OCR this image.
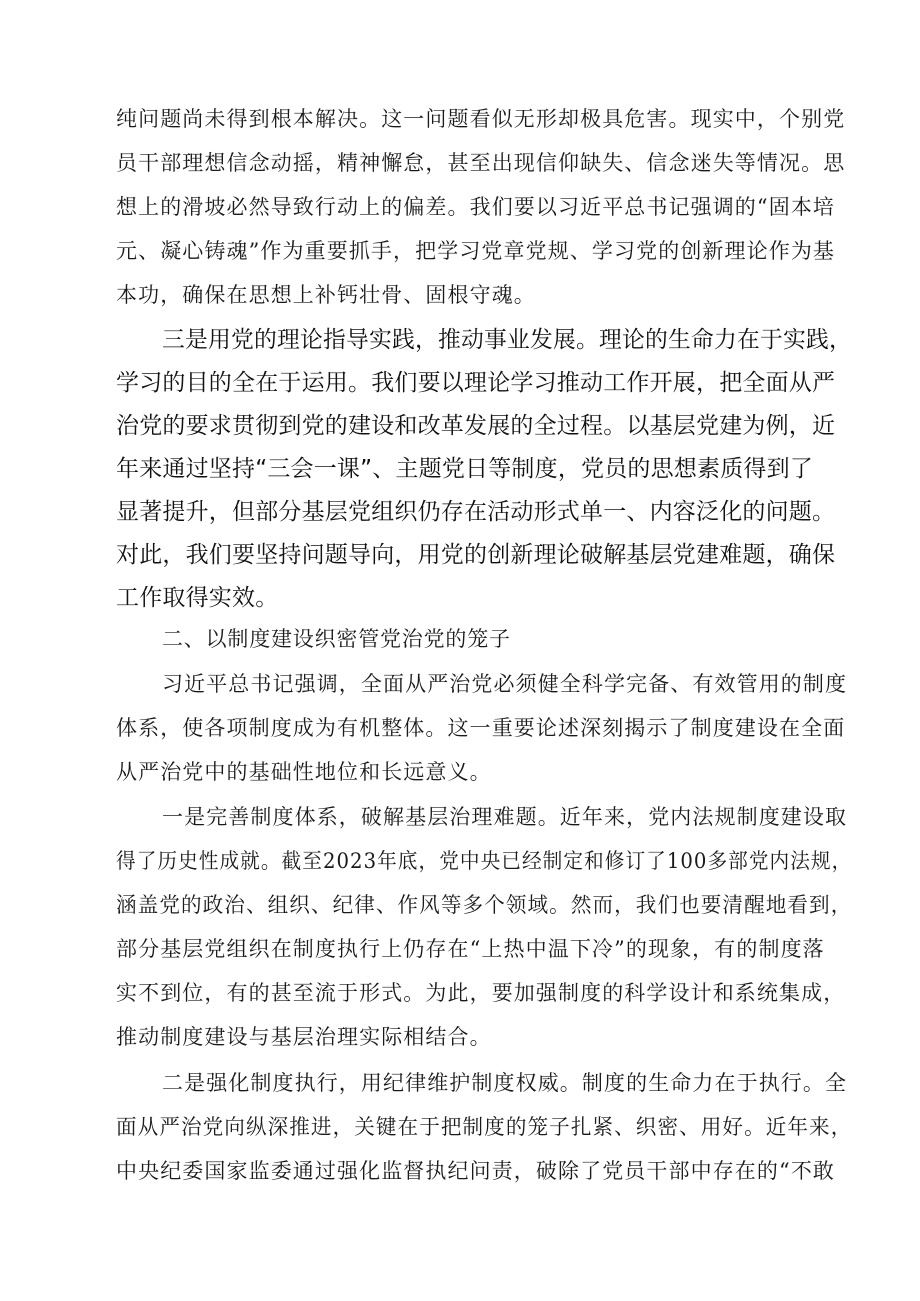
纯问题尚未得到根本解决。这一问题看似无形却极具危害。现实中，个别党
员干部理想信念动摇，精神懈怠，甚至出现信仰缺失、信念迷失等情况。思
想上的滑坡必然导致行动上的偏差。我们要以习近平总书记强调的“固本培
元、凝心铸魂”作为重要抓手，把学习党章党规、学习党的创新理论作为基
本功，确保在思想上补钙壮骨、固根守魂。
三是用党的理论指导实践，推动事业发展。理论的生命力在于实践，
学习的目的全在于运用。我们要以理论学习推动工作开展，把全面从严
治党的要求贯彻到党的建设和改革发展的全过程。以基层党建为例，近
年来通过坚持“三会一课”、主题党日等制度，党员的思想素质得到了
显著提升，但部分基层党组织仍存在活动形式单一、内容泛化的问题。
对此，我们要坚持问题导向，用党的创新理论破解基层党建难题，确保
工作取得实效。
二、以制度建设织密管党治党的笼子
习近平总书记强调，全面从严治党必须健全科学完备、有效管用的制度
体系，使各项制度成为有机整体。这一重要论述深刻揭示了制度建设在全面
从严治党中的基础性地位和长远意义。
一是完善制度体系，破解基层治理难题。近年来，党内法规制度建设取
得了历史性成就。截至2023年底，党中央已经制定和修订了100多部党内法规，
涵盖党的政治、组织、纪律、作风等多个领域。然而，我们也要清醒地看到，
部分基层党组织在制度执行上仍存在“上热中温下冷”的现象，有的制度落
实不到位，有的甚至流于形式。为此，要加强制度的科学设计和系统集成，
推动制度建设与基层治理实际相结合。
二是强化制度执行，用纪律维护制度权威。制度的生命力在于执行。全
面从严治党向纵深推进，关键在于把制度的笼子扎紧、织密、用好。近年来，
中央纪委国家监委通过强化监督执纪问责，破除了党员干部中存在的“不敢
